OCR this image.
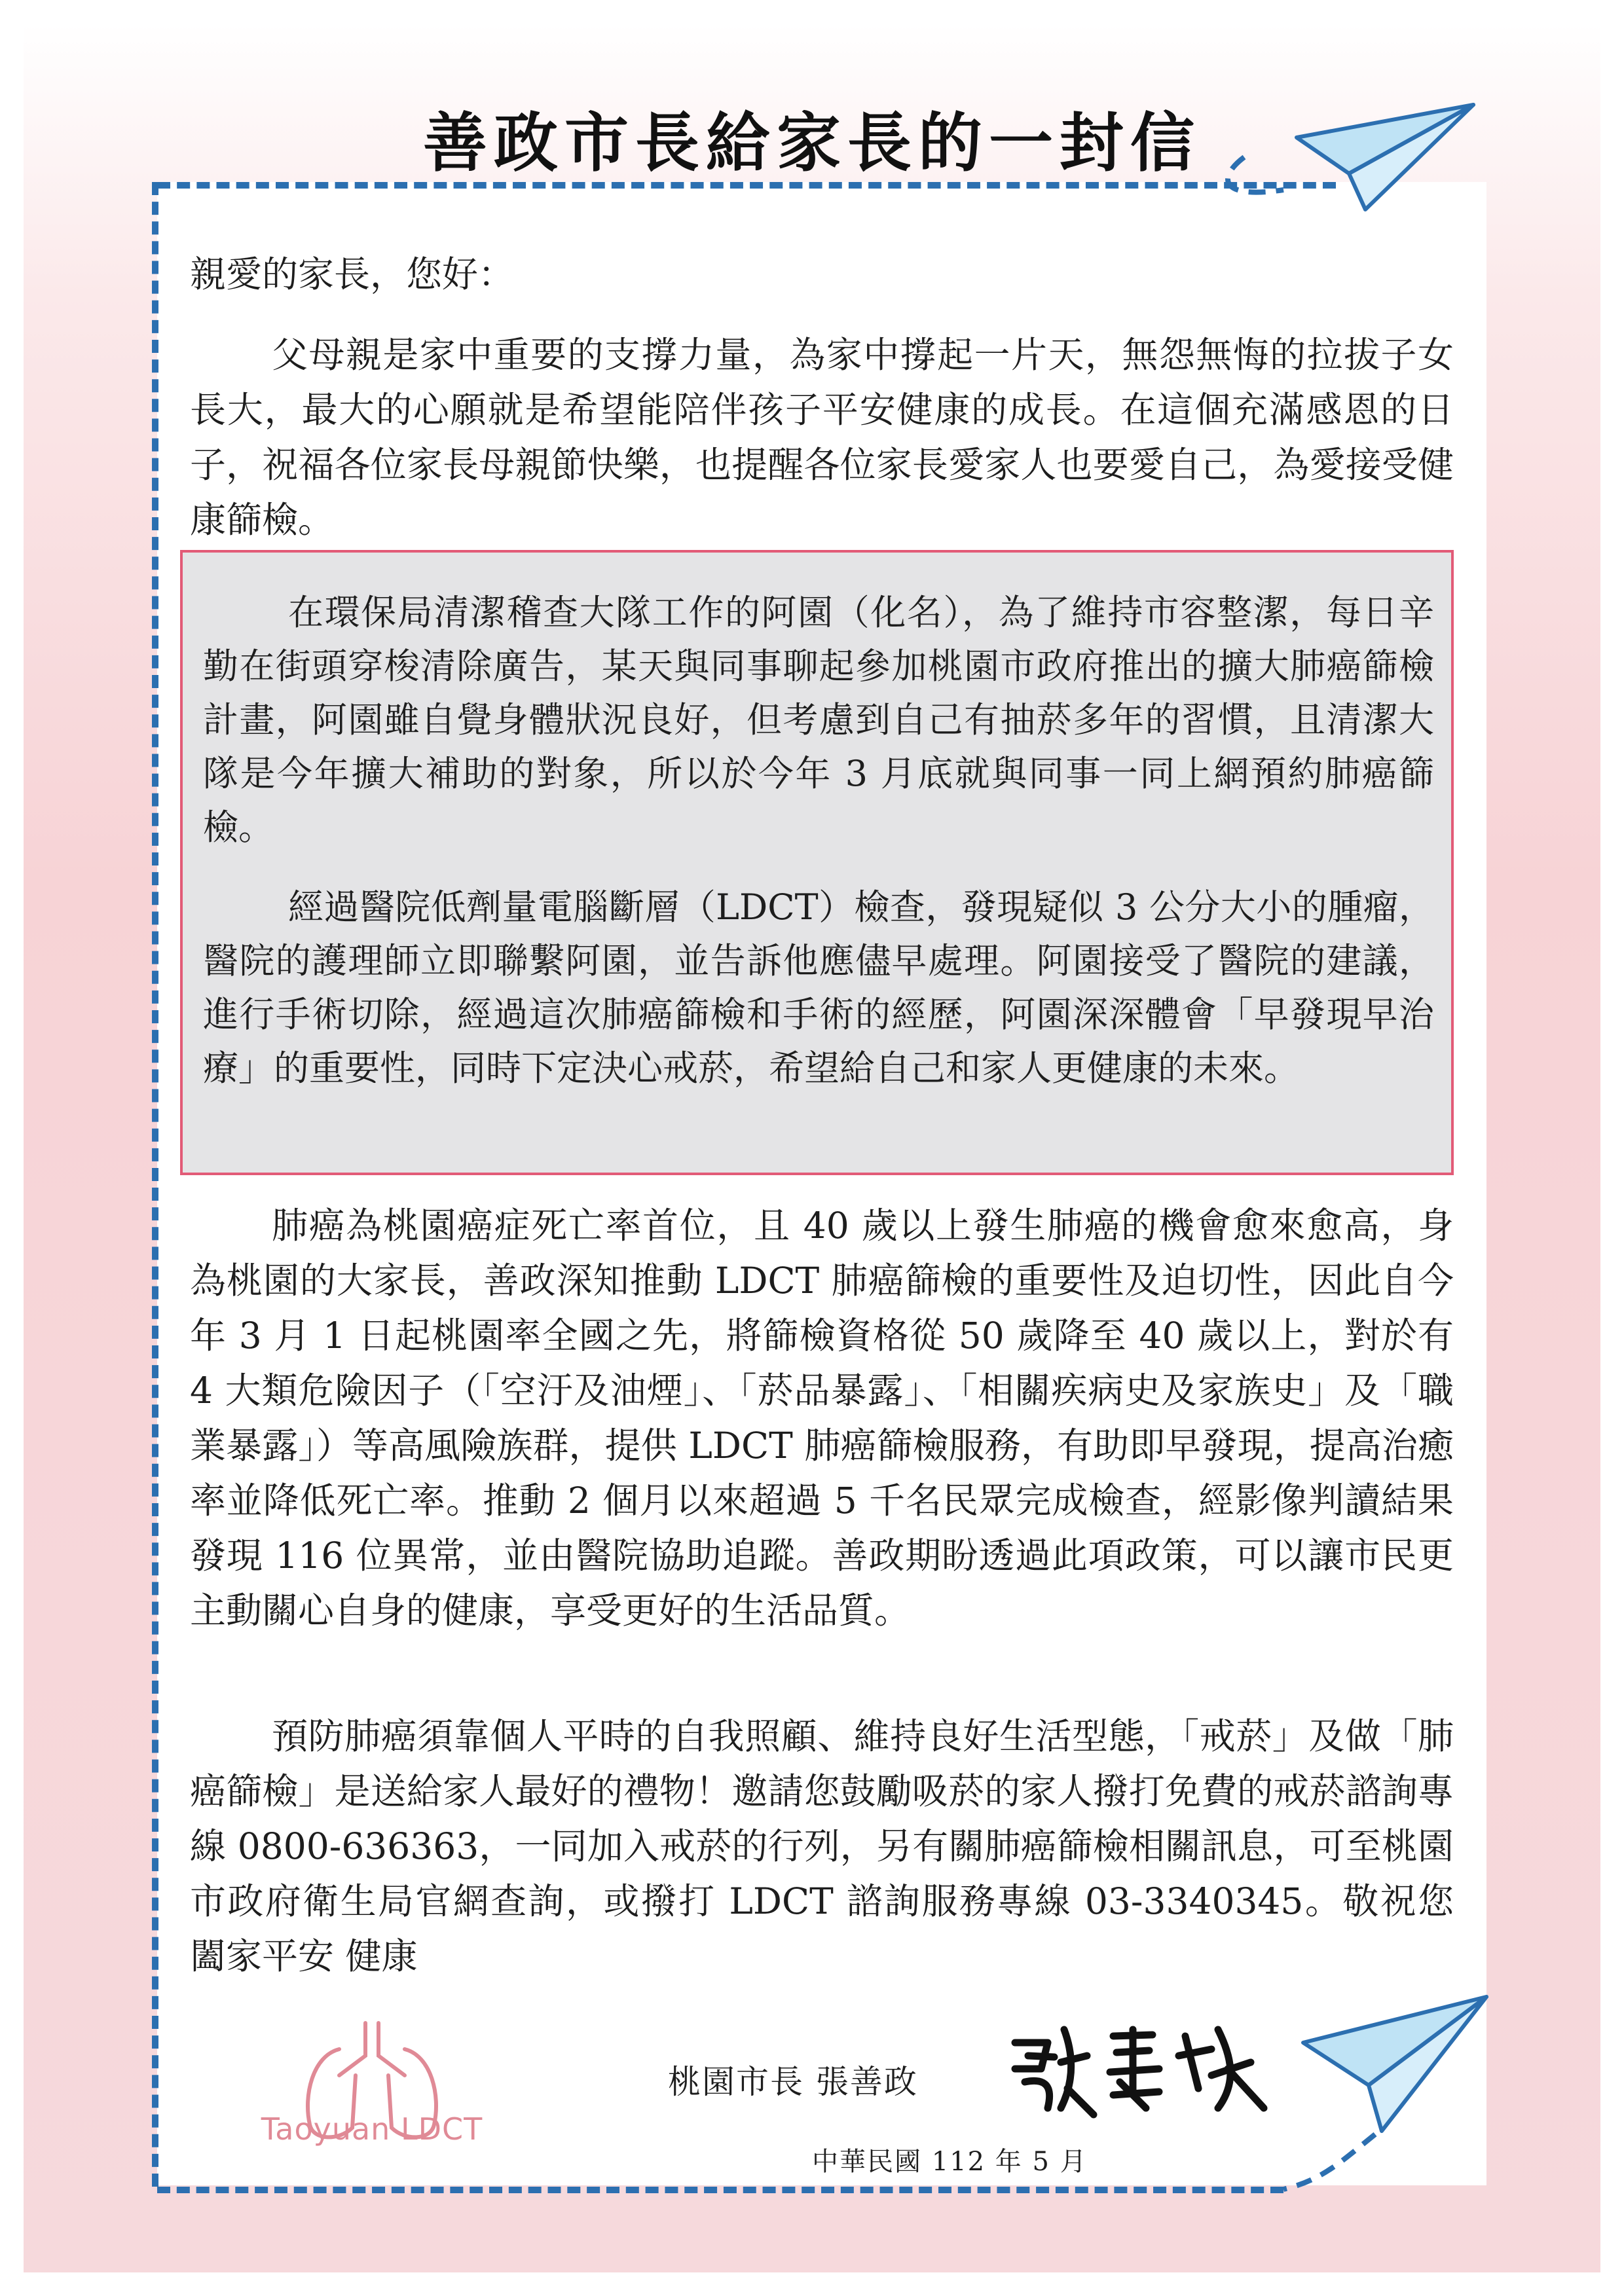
善政市長給家長的一封信
親愛的家長，您好：

父母親是家中重要的支撐力量，為家中撐起一片天，無怨無悔的拉拔子女長大，最大的心願就是希望能陪伴孩子平安健康的成長。在這個充滿感恩的日子，祝福各位家長母親節快樂，也提醒各位家長愛家人也要愛自己，為愛接受健康篩檢。

在環保局清潔稽查大隊工作的阿園（化名），為了維持市容整潔，每日辛勤在街頭穿梭清除廣告，某天與同事聊起參加桃園市政府推出的擴大肺癌篩檢計畫，阿園雖自覺身體狀況良好，但考慮到自己有抽菸多年的習慣，且清潔大隊是今年擴大補助的對象，所以於今年 3 月底就與同事一同上網預約肺癌篩檢。

經過醫院低劑量電腦斷層（LDCT）檢查，發現疑似 3 公分大小的腫瘤，醫院的護理師立即聯繫阿園，並告訴他應儘早處理。阿園接受了醫院的建議，進行手術切除，經過這次肺癌篩檢和手術的經歷，阿園深深體會「早發現早治療」的重要性，同時下定決心戒菸，希望給自己和家人更健康的未來。

肺癌為桃園癌症死亡率首位，且 40 歲以上發生肺癌的機會愈來愈高，身為桃園的大家長，善政深知推動 LDCT 肺癌篩檢的重要性及迫切性，因此自今年 3 月 1 日起桃園率全國之先，將篩檢資格從 50 歲降至 40 歲以上，對於有 4 大類危險因子（「空汙及油煙」、「菸品暴露」、「相關疾病史及家族史」及「職業暴露」）等高風險族群，提供 LDCT 肺癌篩檢服務，有助即早發現，提高治癒率並降低死亡率。推動 2 個月以來超過 5 千名民眾完成檢查，經影像判讀結果發現 116 位異常，並由醫院協助追蹤。善政期盼透過此項政策，可以讓市民更主動關心自身的健康，享受更好的生活品質。

預防肺癌須靠個人平時的自我照顧、維持良好生活型態，「戒菸」及做「肺癌篩檢」是送給家人最好的禮物！邀請您鼓勵吸菸的家人撥打免費的戒菸諮詢專線 0800-636363，一同加入戒菸的行列，另有關肺癌篩檢相關訊息，可至桃園市政府衛生局官網查詢，或撥打 LDCT 諮詢服務專線 03-3340345。敬祝您 闔家平安 健康

Taoyuan LDCT
桃園市長 張善政
中華民國 112 年 5 月
